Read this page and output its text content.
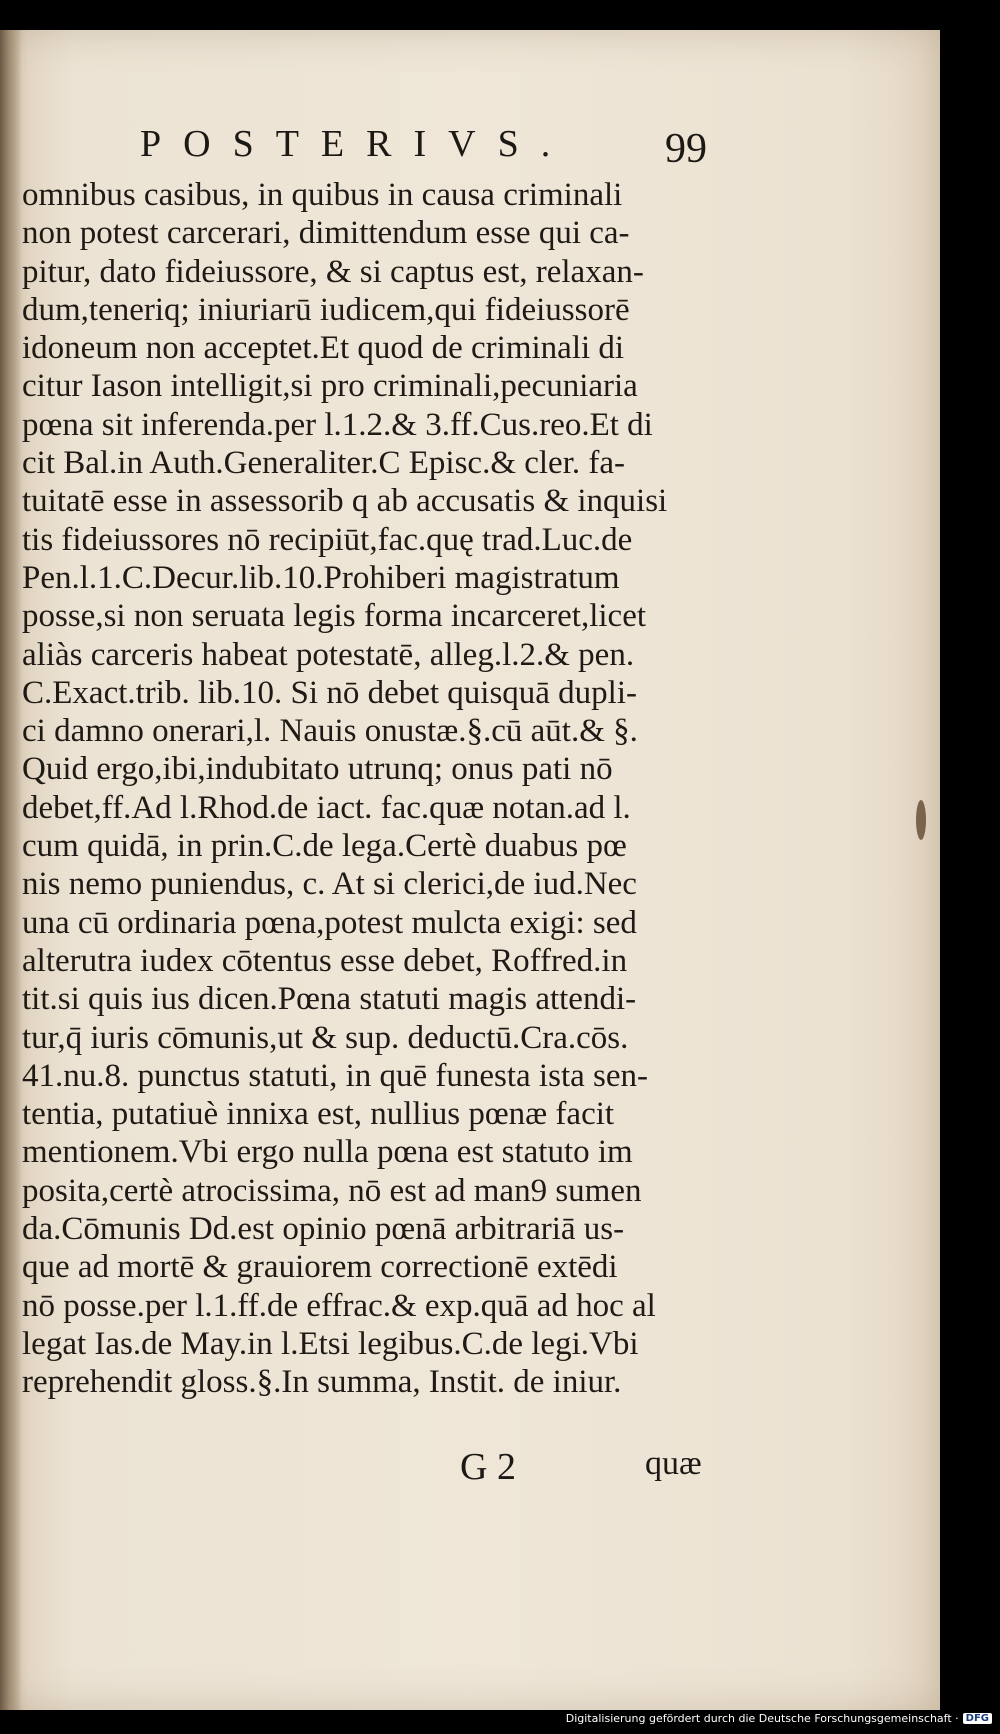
POSTERIVS.	99
omnibus casibus, in quibus in causa criminali
non potest carcerari, dimittendum esse qui ca-
pitur, dato fideiussore, & si captus est, relaxan-
dum,teneriq; iniuriarū iudicem,qui fideiussorē
idoneum non acceptet.Et quod de criminali di
citur Iason intelligit,si pro criminali,pecuniaria
pœna sit inferenda.per l.1.2.& 3.ff.Cus.reo.Et di
cit Bal.in Auth.Generaliter.C Episc.& cler. fa-
tuitatē esse in assessorib q ab accusatis & inquisi
tis fideiussores nō recipiūt,fac.quę trad.Luc.de
Pen.l.1.C.Decur.lib.10.Prohiberi magistratum
posse,si non seruata legis forma incarceret,licet
aliàs carceris habeat potestatē, alleg.l.2.& pen.
C.Exact.trib. lib.10. Si nō debet quisquā dupli-
ci damno onerari,l. Nauis onustæ.§.cū aūt.& §.
Quid ergo,ibi,indubitato utrunq; onus pati nō
debet,ff.Ad l.Rhod.de iact. fac.quæ notan.ad l.
cum quidā, in prin.C.de lega.Certè duabus pœ
nis nemo puniendus, c. At si clerici,de iud.Nec
una cū ordinaria pœna,potest mulcta exigi: sed
alterutra iudex cōtentus esse debet, Roffred.in
tit.si quis ius dicen.Pœna statuti magis attendi-
tur,q̄ iuris cōmunis,ut & sup. deductū.Cra.cōs.
41.nu.8. punctus statuti, in quē funesta ista sen-
tentia, putatiuè innixa est, nullius pœnæ facit
mentionem.Vbi ergo nulla pœna est statuto im
posita,certè atrocissima, nō est ad man9 sumen
da.Cōmunis Dd.est opinio pœnā arbitrariā us-
que ad mortē & grauiorem correctionē extēdi
nō posse.per l.1.ff.de effrac.& exp.quā ad hoc al
legat Ias.de May.in l.Etsi legibus.C.de legi.Vbi
reprehendit gloss.§.In summa, Instit. de iniur.
G 2	quæ
Digitalisierung gefördert durch die Deutsche Forschungsgemeinschaft · DFG
